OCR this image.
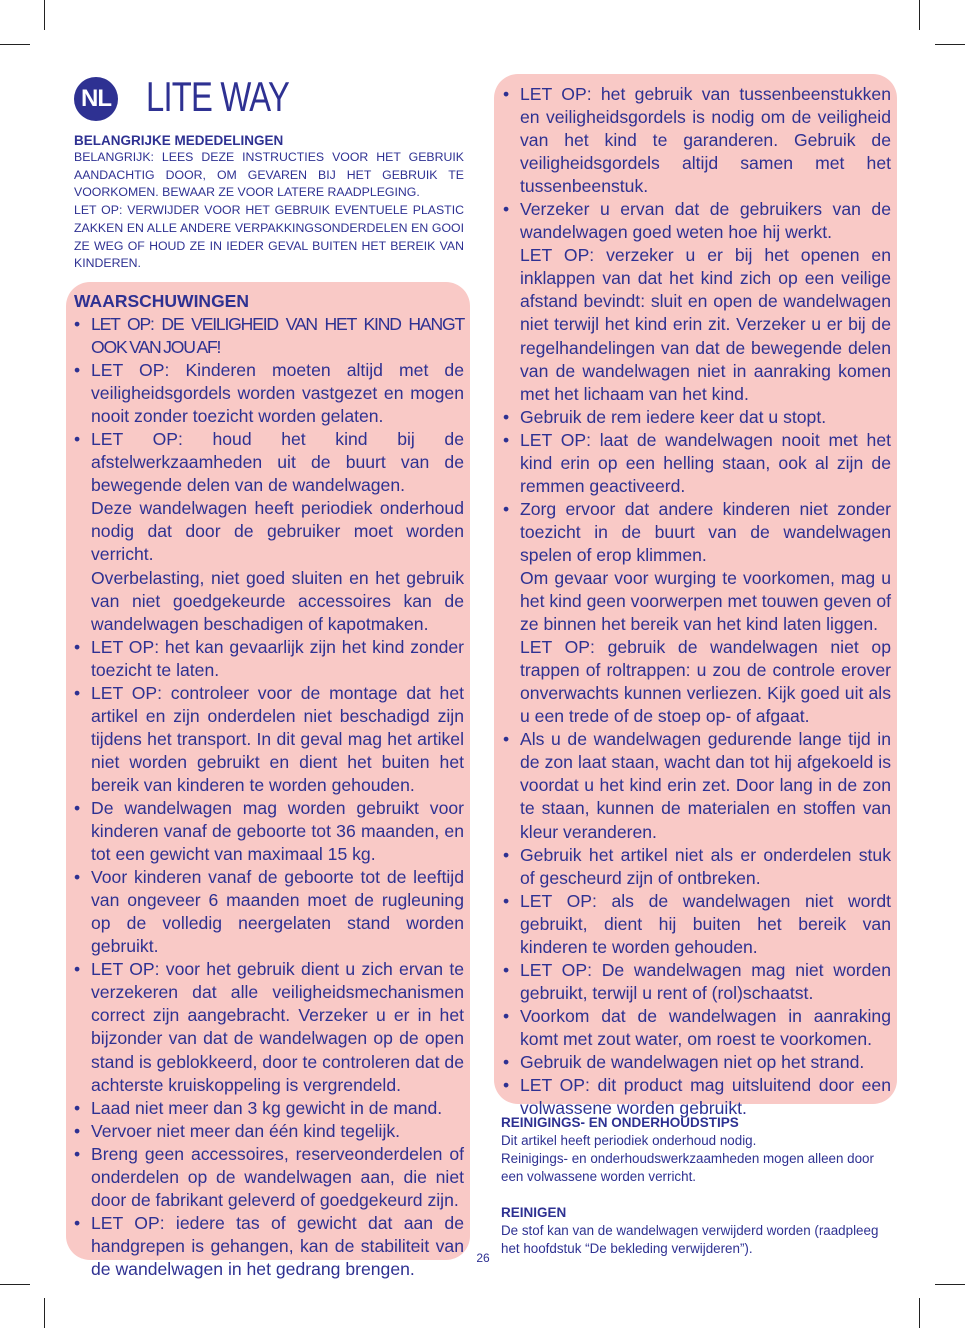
NL LITE WAY
BELANGRIJKE MEDEDELINGEN

BELANGRIJK: LEES DEZE INSTRUCTIES VOOR HET GEBRUIK AANDACHTIG DOOR, OM GEVAREN BIJ HET GEBRUIK TE VOORKOMEN. BEWAAR ZE VOOR LATERE RAADPLEGING.

LET OP: VERWIJDER VOOR HET GEBRUIK EVENTUELE PLASTIC ZAKKEN EN ALLE ANDERE VERPAKKINGSONDERDELEN EN GOOI ZE WEG OF HOUD ZE IN IEDER GEVAL BUITEN HET BEREIK VAN KINDEREN.

WAARSCHUWINGEN
• LET OP: DE VEILIGHEID VAN HET KIND HANGT OOK VAN JOU AF!
• LET OP: Kinderen moeten altijd met de veiligheidsgordels worden vastgezet en mogen nooit zonder toezicht worden gelaten.
• LET OP: houd het kind bij de afstelwerkzaamheden uit de buurt van de bewegende delen van de wandelwagen.
Deze wandelwagen heeft periodiek onderhoud nodig dat door de gebruiker moet worden verricht.
Overbelasting, niet goed sluiten en het gebruik van niet goedgekeurde accessoires kan de wandelwagen beschadigen of kapotmaken.
• LET OP: het kan gevaarlijk zijn het kind zonder toezicht te laten.
• LET OP: controleer voor de montage dat het artikel en zijn onderdelen niet beschadigd zijn tijdens het transport. In dit geval mag het artikel niet worden gebruikt en dient het buiten het bereik van kinderen te worden gehouden.
• De wandelwagen mag worden gebruikt voor kinderen vanaf de geboorte tot 36 maanden, en tot een gewicht van maximaal 15 kg.
• Voor kinderen vanaf de geboorte tot de leeftijd van ongeveer 6 maanden moet de rugleuning op de volledig neergelaten stand worden gebruikt.
• LET OP: voor het gebruik dient u zich ervan te verzekeren dat alle veiligheidsmechanismen correct zijn aangebracht. Verzeker u er in het bijzonder van dat de wandelwagen op de open stand is geblokkeerd, door te controleren dat de achterste kruiskoppeling is vergrendeld.
• Laad niet meer dan 3 kg gewicht in de mand.
• Vervoer niet meer dan één kind tegelijk.
• Breng geen accessoires, reserveonderdelen of onderdelen op de wandelwagen aan, die niet door de fabrikant geleverd of goedgekeurd zijn.
• LET OP: iedere tas of gewicht dat aan de handgrepen is gehangen, kan de stabiliteit van de wandelwagen in het gedrang brengen.
• LET OP: het gebruik van tussenbeenstukken en veiligheidsgordels is nodig om de veiligheid van het kind te garanderen. Gebruik de veiligheidsgordels altijd samen met het tussenbeenstuk.
• Verzeker u ervan dat de gebruikers van de wandelwagen goed weten hoe hij werkt.
LET OP: verzeker u er bij het openen en inklappen van dat het kind zich op een veilige afstand bevindt: sluit en open de wandelwagen niet terwijl het kind erin zit. Verzeker u er bij de regelhandelingen van dat de bewegende delen van de wandelwagen niet in aanraking komen met het lichaam van het kind.
• Gebruik de rem iedere keer dat u stopt.
• LET OP: laat de wandelwagen nooit met het kind erin op een helling staan, ook al zijn de remmen geactiveerd.
• Zorg ervoor dat andere kinderen niet zonder toezicht in de buurt van de wandelwagen spelen of erop klimmen.
Om gevaar voor wurging te voorkomen, mag u het kind geen voorwerpen met touwen geven of ze binnen het bereik van het kind laten liggen.
LET OP: gebruik de wandelwagen niet op trappen of roltrappen: u zou de controle erover onverwachts kunnen verliezen. Kijk goed uit als u een trede of de stoep op- of afgaat.
• Als u de wandelwagen gedurende lange tijd in de zon laat staan, wacht dan tot hij afgekoeld is voordat u het kind erin zet. Door lang in de zon te staan, kunnen de materialen en stoffen van kleur veranderen.
• Gebruik het artikel niet als er onderdelen stuk of gescheurd zijn of ontbreken.
• LET OP: als de wandelwagen niet wordt gebruikt, dient hij buiten het bereik van kinderen te worden gehouden.
• LET OP: De wandelwagen mag niet worden gebruikt, terwijl u rent of (rol)schaatst.
• Voorkom dat de wandelwagen in aanraking komt met zout water, om roest te voorkomen.
• Gebruik de wandelwagen niet op het strand.
• LET OP: dit product mag uitsluitend door een volwassene worden gebruikt.
26
REINIGINGS- EN ONDERHOUDSTIPS

Dit artikel heeft periodiek onderhoud nodig.

Reinigings- en onderhoudswerkzaamheden mogen alleen door een volwassene worden verricht.

REINIGEN

De stof kan van de wandelwagen verwijderd worden (raadpleeg het hoofdstuk “De bekleding verwijderen”).
